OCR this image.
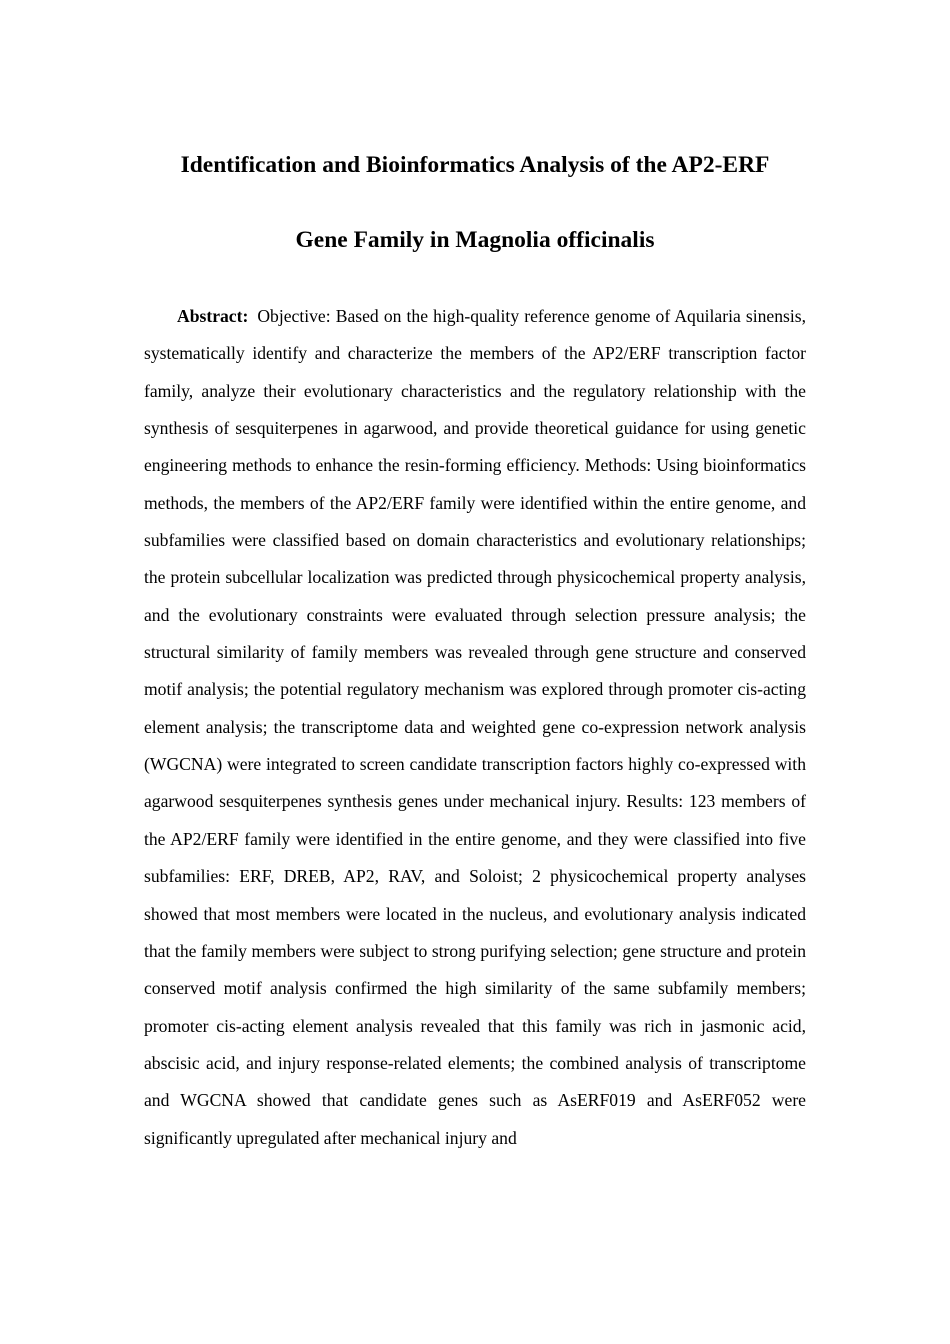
Identification and Bioinformatics Analysis of the AP2-ERF
Gene Family in Magnolia officinalis

Abstract: Objective: Based on the high-quality reference genome of Aquilaria sinensis, systematically identify and characterize the members of the AP2/ERF transcription factor family, analyze their evolutionary characteristics and the regulatory relationship with the synthesis of sesquiterpenes in agarwood, and provide theoretical guidance for using genetic engineering methods to enhance the resin-forming efficiency. Methods: Using bioinformatics methods, the members of the AP2/ERF family were identified within the entire genome, and subfamilies were classified based on domain characteristics and evolutionary relationships; the protein subcellular localization was predicted through physicochemical property analysis, and the evolutionary constraints were evaluated through selection pressure analysis; the structural similarity of family members was revealed through gene structure and conserved motif analysis; the potential regulatory mechanism was explored through promoter cis-acting element analysis; the transcriptome data and weighted gene co-expression network analysis (WGCNA) were integrated to screen candidate transcription factors highly co-expressed with agarwood sesquiterpenes synthesis genes under mechanical injury. Results: 123 members of the AP2/ERF family were identified in the entire genome, and they were classified into five subfamilies: ERF, DREB, AP2, RAV, and Soloist; 2 physicochemical property analyses showed that most members were located in the nucleus, and evolutionary analysis indicated that the family members were subject to strong purifying selection; gene structure and protein conserved motif analysis confirmed the high similarity of the same subfamily members; promoter cis-acting element analysis revealed that this family was rich in jasmonic acid, abscisic acid, and injury response-related elements; the combined analysis of transcriptome and WGCNA showed that candidate genes such as AsERF019 and AsERF052 were significantly upregulated after mechanical injury and
